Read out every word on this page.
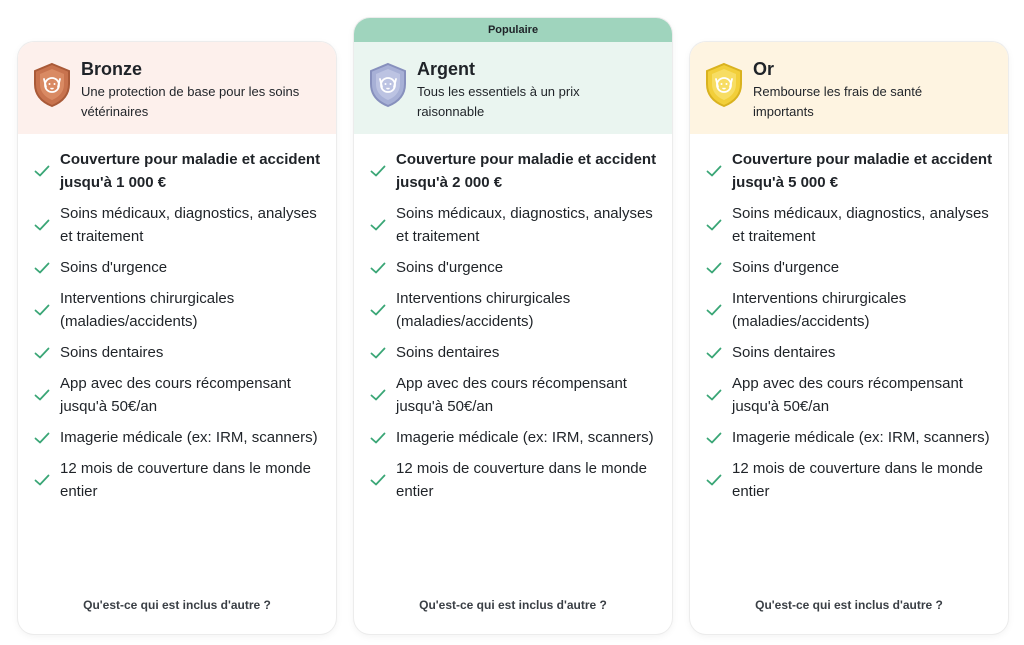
Bronze
Une protection de base pour les soins vétérinaires
Couverture pour maladie et accident jusqu'à 1 000 €
Soins médicaux, diagnostics, analyses et traitement
Soins d'urgence
Interventions chirurgicales (maladies/accidents)
Soins dentaires
App avec des cours récompensant jusqu'à 50€/an
Imagerie médicale (ex: IRM, scanners)
12 mois de couverture dans le monde entier
Qu'est-ce qui est inclus d'autre ?
Populaire
Argent
Tous les essentiels à un prix raisonnable
Couverture pour maladie et accident jusqu'à 2 000 €
Soins médicaux, diagnostics, analyses et traitement
Soins d'urgence
Interventions chirurgicales (maladies/accidents)
Soins dentaires
App avec des cours récompensant jusqu'à 50€/an
Imagerie médicale (ex: IRM, scanners)
12 mois de couverture dans le monde entier
Qu'est-ce qui est inclus d'autre ?
Or
Rembourse les frais de santé importants
Couverture pour maladie et accident jusqu'à 5 000 €
Soins médicaux, diagnostics, analyses et traitement
Soins d'urgence
Interventions chirurgicales (maladies/accidents)
Soins dentaires
App avec des cours récompensant jusqu'à 50€/an
Imagerie médicale (ex: IRM, scanners)
12 mois de couverture dans le monde entier
Qu'est-ce qui est inclus d'autre ?
